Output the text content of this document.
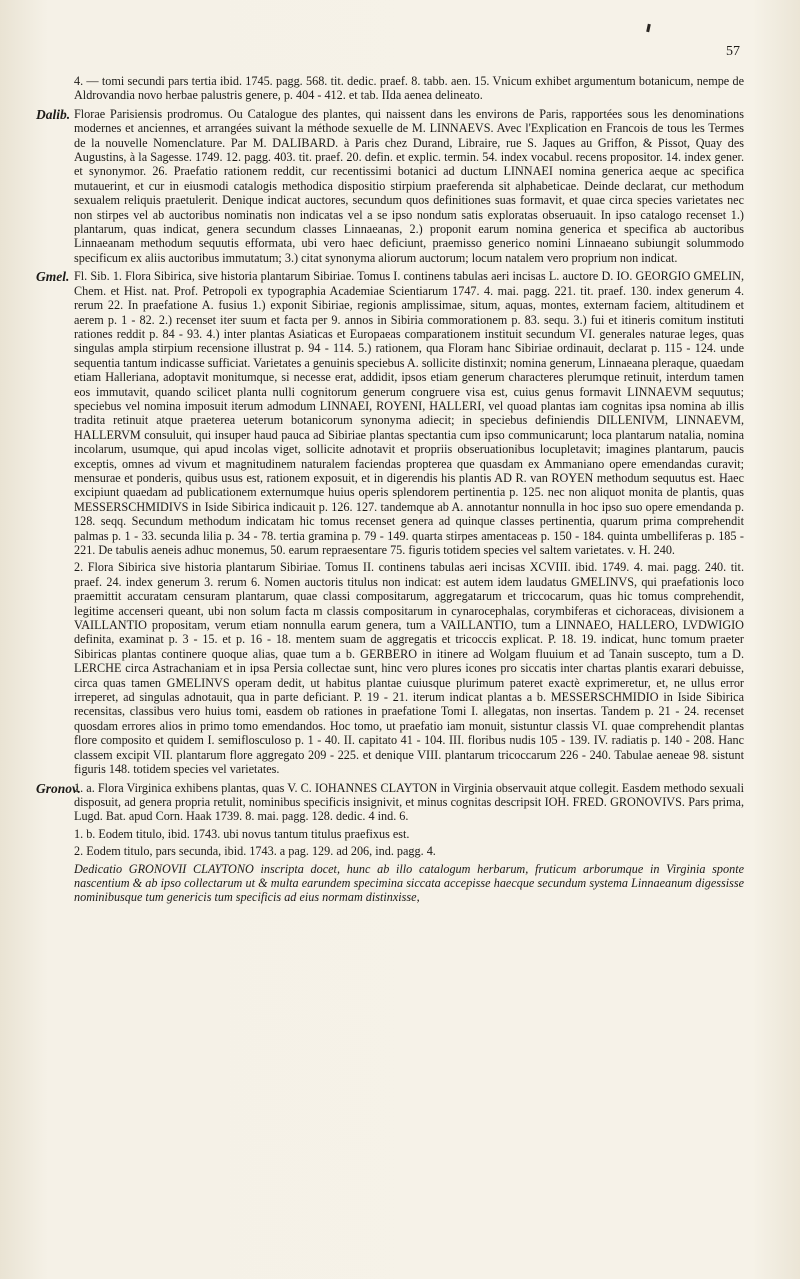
57

4. — tomi secundi pars tertia ibid. 1745. pagg. 568. tit. dedic. praef. 8. tabb. aen. 15. Vnicum exhibet argumentum botanicum, nempe de Aldrovandia novo herbae palustris genere, p. 404 - 412. et tab. IIda aenea delineato.

Dalib. Florae Parisiensis prodromus. Ou Catalogue des plantes, qui naissent dans les environs de Paris, rapportées sous les denominations modernes et anciennes, et arrangées suivant la méthode sexuelle de M. LINNAEVS. Avec l'Explication en Francois de tous les Termes de la nouvelle Nomenclature. Par M. DALIBARD. à Paris chez Durand, Libraire, rue S. Jaques au Griffon, & Pissot, Quay des Augustins, à la Sagesse. 1749. 12. pagg. 403. tit. praef. 20. defin. et explic. termin. 54. index vocabul. recens propositor. 14. index gener. et synonymor. 26. Praefatio rationem reddit, cur recentissimi botanici ad ductum LINNAEI nomina generica aeque ac specifica mutauerint, et cur in eiusmodi catalogis methodica dispositio stirpium praeferenda sit alphabeticae. Deinde declarat, cur methodum sexualem reliquis praetulerit. Denique indicat auctores, secundum quos definitiones suas formavit, et quae circa species varietates nec non stirpes vel ab auctoribus nominatis non indicatas vel a se ipso nondum satis exploratas obseruauit. In ipso catalogo recenset 1.) plantarum, quas indicat, genera secundum classes Linnaeanas, 2.) proponit earum nomina generica et specifica ab auctoribus Linnaeanam methodum sequutis efformata, ubi vero haec deficiunt, praemisso generico nomini Linnaeano subiungit solummodo specificum ex aliis auctoribus immutatum; 3.) citat synonyma aliorum auctorum; locum natalem vero proprium non indicat.

Gmel. Fl. Sib. 1. Flora Sibirica, sive historia plantarum Sibiriae. Tomus I. continens tabulas aeri incisas L. auctore D. IO. GEORGIO GMELIN, Chem. et Hist. nat. Prof. Petropoli ex typographia Academiae Scientiarum 1747. 4. mai. pagg. 221. tit. praef. 130. index generum 4. rerum 22. In praefatione A. fusius 1.) exponit Sibiriae, regionis amplissimae, situm, aquas, montes, externam faciem, altitudinem et aerem p. 1 - 82. 2.) recenset iter suum et facta per 9. annos in Sibiria commorationem p. 83. sequ. 3.) fui et itineris comitum instituti rationes reddit p. 84 - 93. 4.) inter plantas Asiaticas et Europaeas comparationem instituit secundum VI. generales naturae leges, quas singulas ampla stirpium recensione illustrat p. 94 - 114. 5.) rationem, qua Floram hanc Sibiriae ordinauit, declarat p. 115 - 124. unde sequentia tantum indicasse sufficiat. Varietates a genuinis speciebus A. sollicite distinxit; nomina generum, Linnaeana pleraque, quaedam etiam Halleriana, adoptavit monitumque, si necesse erat, addidit, ipsos etiam generum characteres plerumque retinuit, interdum tamen eos immutavit, quando scilicet planta nulli cognitorum generum congruere visa est, cuius genus formavit LINNAEVM sequutus; speciebus vel nomina imposuit iterum admodum LINNAEI, ROYENI, HALLERI, vel quoad plantas iam cognitas ipsa nomina ab illis tradita retinuit atque praeterea ueterum botanicorum synonyma adiecit; in speciebus definiendis DILLENIVM, LINNAEVM, HALLERVM consuluit, qui insuper haud pauca ad Sibiriae plantas spectantia cum ipso communicarunt; loca plantarum natalia, nomina incolarum, usumque, qui apud incolas viget, sollicite adnotavit et propriis obseruationibus locupletavit; imagines plantarum, paucis exceptis, omnes ad vivum et magnitudinem naturalem faciendas propterea que quasdam ex Ammaniano opere emendandas curavit; mensurae et ponderis, quibus usus est, rationem exposuit, et in digerendis his plantis AD R. van ROYEN methodum sequutus est. Haec excipiunt quaedam ad publicationem externumque huius operis splendorem pertinentia p. 125. nec non aliquot monita de plantis, quas MESSERSCHMIDIVS in Iside Sibirica indicauit p. 126. 127. tandemque ab A. annotantur nonnulla in hoc ipso suo opere emendanda p. 128. seqq. Secundum methodum indicatam hic tomus recenset genera ad quinque classes pertinentia, quarum prima comprehendit palmas p. 1 - 33. secunda lilia p. 34 - 78. tertia gramina p. 79 - 149. quarta stirpes amentaceas p. 150 - 184. quinta umbelliferas p. 185 - 221. De tabulis aeneis adhuc monemus, 50. earum repraesentare 75. figuris totidem species vel saltem varietates. v. H. 240.

2. Flora Sibirica sive historia plantarum Sibiriae. Tomus II. continens tabulas aeri incisas XCVIII. ibid. 1749. 4. mai. pagg. 240. tit. praef. 24. index generum 3. rerum 6. Nomen auctoris titulus non indicat: est autem idem laudatus GMELINVS, qui praefationis loco praemittit accuratam censuram plantarum, quae classi compositarum, aggregatarum et triccocarum, quas hic tomus comprehendit, legitime accenseri queant, ubi non solum facta m classis compositarum in cynarocephalas, corymbiferas et cichoraceas, divisionem a VAILLANTIO propositam, verum etiam nonnulla earum genera, tum a VAILLANTIO, tum a LINNAEO, HALLERO, LVDWIGIO definita, examinat p. 3 - 15. et p. 16 - 18. mentem suam de aggregatis et tricoccis explicat. P. 18. 19. indicat, hunc tomum praeter Sibiricas plantas continere quoque alias, quae tum a b. GERBERO in itinere ad Wolgam fluuium et ad Tanain suscepto, tum a D. LERCHE circa Astrachaniam et in ipsa Persia collectae sunt, hinc vero plures icones pro siccatis inter chartas plantis exarari debuisse, circa quas tamen GMELINVS operam dedit, ut habitus plantae cuiusque plurimum pateret exactè exprimeretur, et, ne ullus error irreperet, ad singulas adnotauit, qua in parte deficiant. P. 19 - 21. iterum indicat plantas a b. MESSERSCHMIDIO in Iside Sibirica recensitas, classibus vero huius tomi, easdem ob rationes in praefatione Tomi I. allegatas, non insertas. Tandem p. 21 - 24. recenset quosdam errores alios in primo tomo emendandos. Hoc tomo, ut praefatio iam monuit, sistuntur classis VI. quae comprehendit plantas flore composito et quidem I. semiflosculoso p. 1 - 40. II. capitato 41 - 104. III. floribus nudis 105 - 139. IV. radiatis p. 140 - 208. Hanc classem excipit VII. plantarum flore aggregato 209 - 225. et denique VIII. plantarum tricoccarum 226 - 240. Tabulae aeneae 98. sistunt figuris 148. totidem species vel varietates.

Gronov.

1. a. Flora Virginica exhibens plantas, quas V. C. IOHANNES CLAYTON in Virginia observauit atque collegit. Easdem methodo sexuali disposuit, ad genera propria retulit, nominibus specificis insignivit, et minus cognitas descripsit IOH. FRED. GRONOVIVS. Pars prima, Lugd. Bat. apud Corn. Haak 1739. 8. mai. pagg. 128. dedic. 4 ind. 6.

1. b. Eodem titulo, ibid. 1743. ubi novus tantum titulus praefixus est.

2. Eodem titulo, pars secunda, ibid. 1743. a pag. 129. ad 206, ind. pagg. 4.

Dedicatio GRONOVII CLAYTONO inscripta docet, hunc ab illo catalogum herbarum, fruticum arborumque in Virginia sponte nascentium & ab ipso collectarum ut & multa earundem specimina siccata accepisse haecque secundum systema Linnaeanum digessisse nominibusque tum genericis tum specificis ad eius normam distinxisse,
